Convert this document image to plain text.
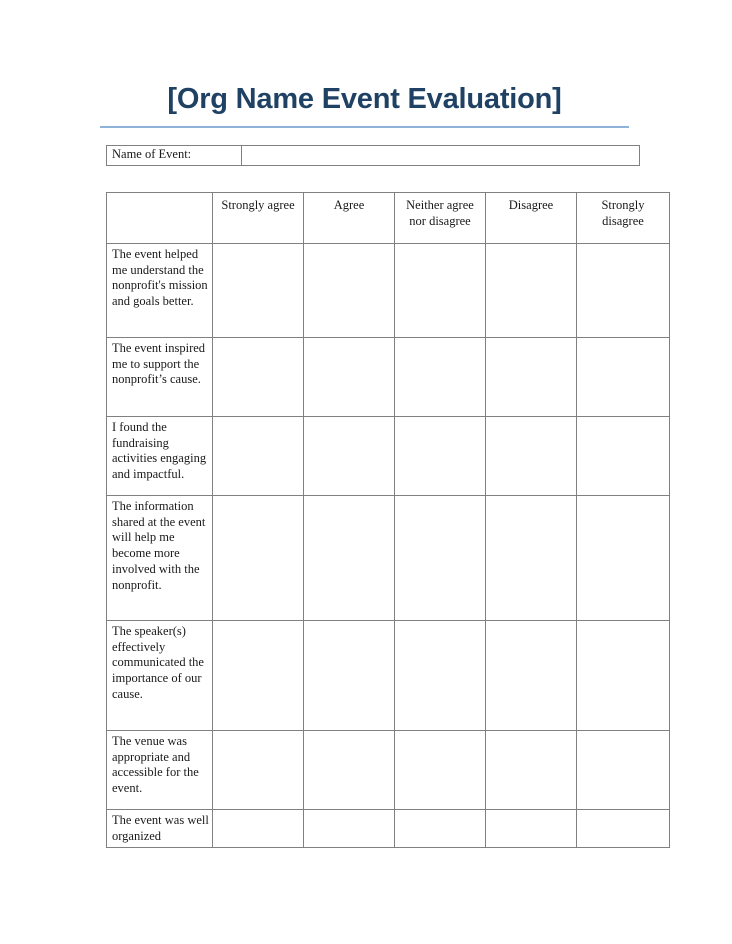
[Org Name Event Evaluation]
Name of Event:	
	Strongly agree	Agree	Neither agree nor disagree	Disagree	Strongly disagree
The event helped me understand the nonprofit's mission and goals better.					
The event inspired me to support the nonprofit’s cause.					
I found the fundraising activities engaging and impactful.					
The information shared at the event will help me become more involved with the nonprofit.					
The speaker(s) effectively communicated the importance of our cause.					
The venue was appropriate and accessible for the event.					
The event was well organized					
